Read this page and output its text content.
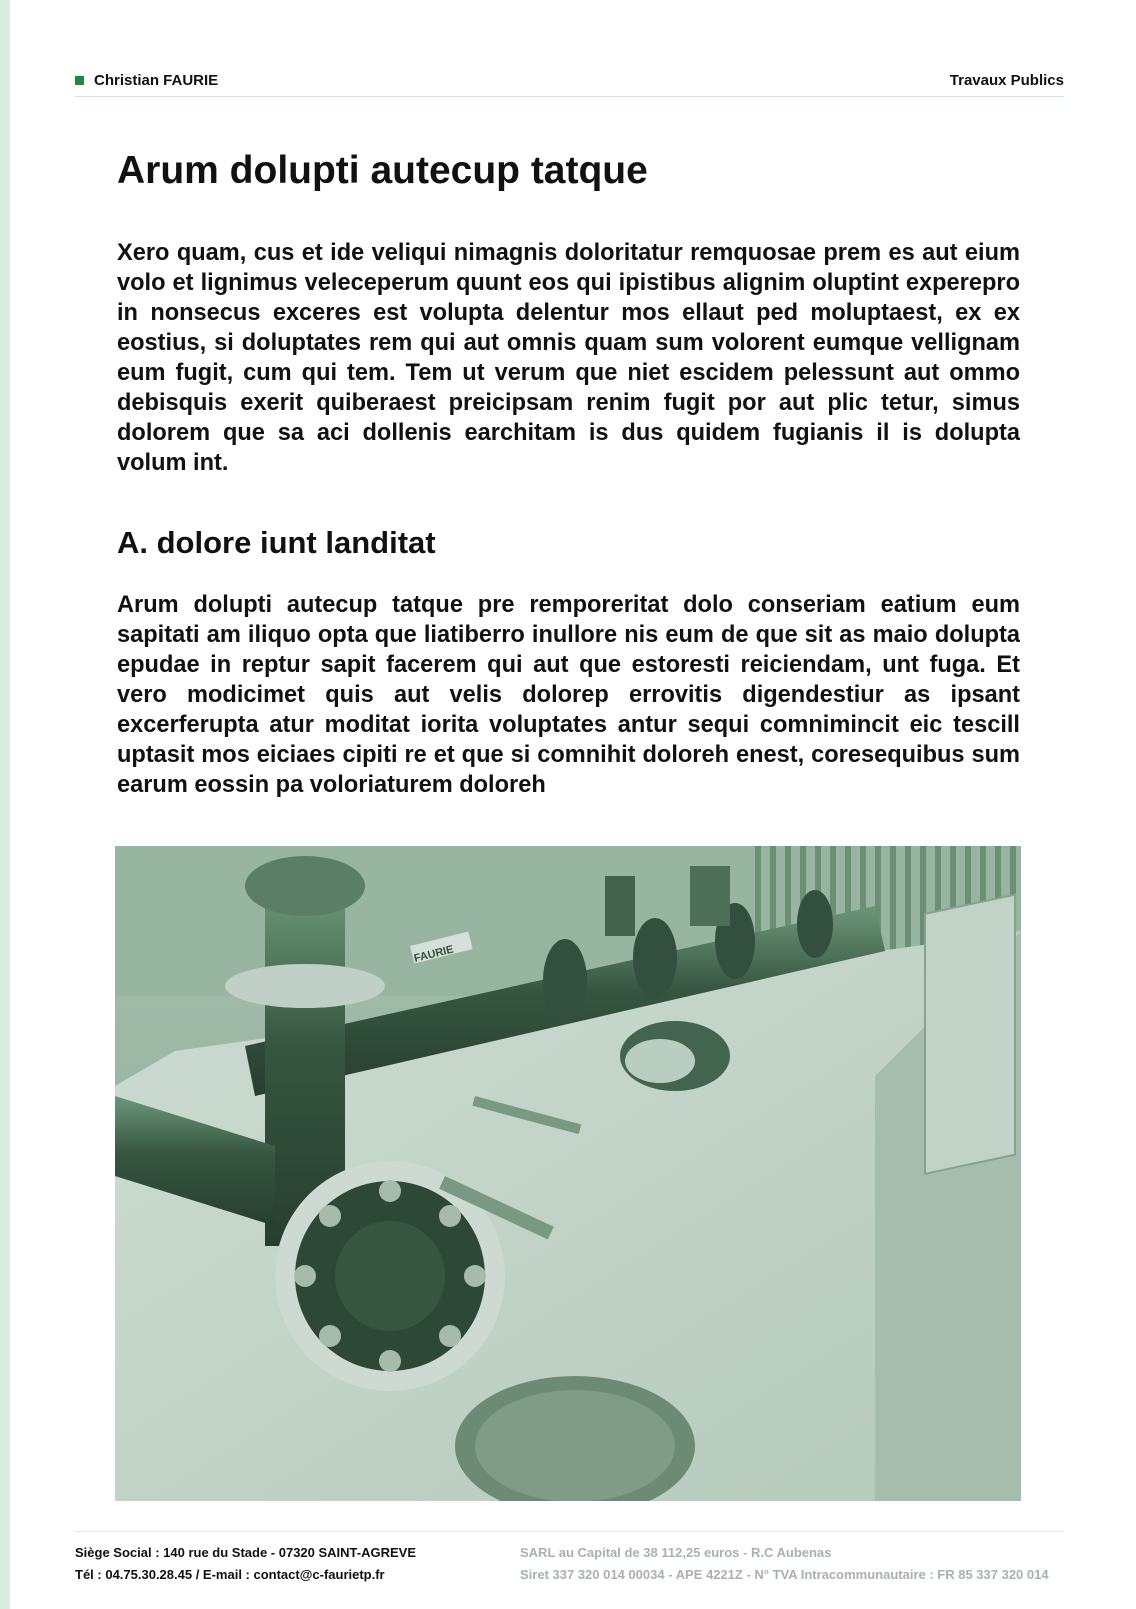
Christian FAURIE	Travaux Publics
Arum dolupti autecup tatque

Xero quam, cus et ide veliqui nimagnis doloritatur remquosae prem es aut eium volo et lignimus veleceperum quunt eos qui ipistibus alignim oluptint experepro in nonsecus exceres est volupta delentur mos ellaut ped moluptaest, ex ex eostius, si doluptates rem qui aut omnis quam sum volorent eumque vellignam eum fugit, cum qui tem. Tem ut verum que niet escidem pelessunt aut ommo debisquis exerit quiberaest preicipsam renim fugit por aut plic tetur, simus dolorem que sa aci dollenis earchitam is dus quidem fugianis il is dolupta volum int.

A. dolore iunt landitat

Arum dolupti autecup tatque pre remporeritat dolo conseriam eatium eum sapitati am iliquo opta que liatiberro inullore nis eum de que sit as maio dolupta epudae in reptur sapit facerem qui aut que estoresti reiciendam, unt fuga. Et vero modicimet quis aut velis dolorep errovitis digendestiur as ipsant excerferupta atur moditat iorita voluptates antur sequi comnimincit eic tescill uptasit mos eiciaes cipiti re et que si comnihit doloreh enest, coresequibus sum earum eossin pa voloriaturem doloreh

FAURIE
Siège Social : 140 rue du Stade - 07320 SAINT-AGREVE
Tél : 04.75.30.28.45 / E-mail : contact@c-faurietp.fr
SARL au Capital de 38 112,25 euros - R.C Aubenas
Siret 337 320 014 00034 - APE 4221Z - N° TVA Intracommunautaire : FR 85 337 320 014
